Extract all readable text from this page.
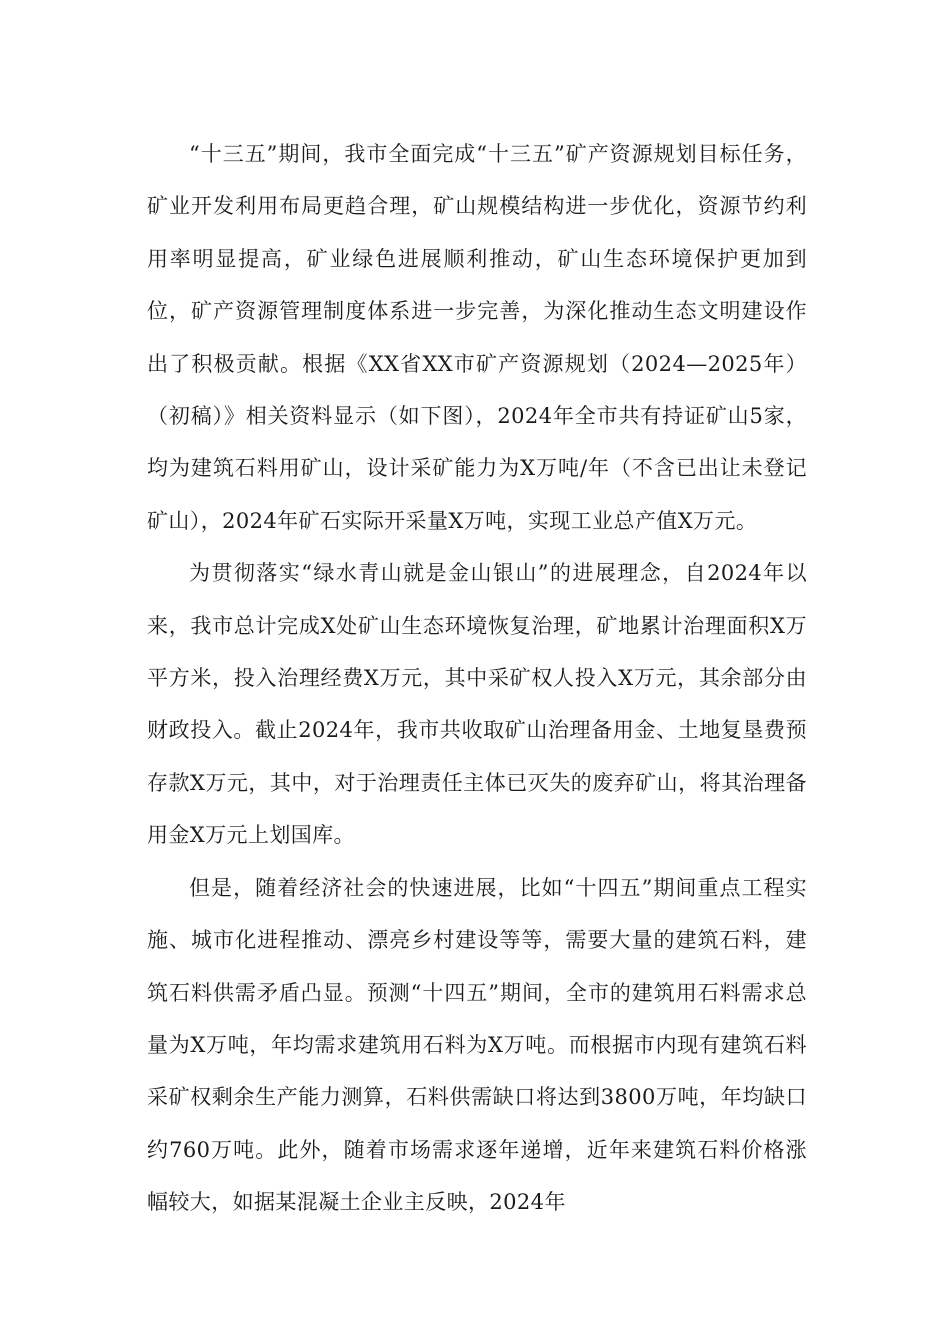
“十三五”期间，我市全面完成“十三五”矿产资源规划目标任务，矿业开发利用布局更趋合理，矿山规模结构进一步优化，资源节约利用率明显提高，矿业绿色进展顺利推动，矿山生态环境保护更加到位，矿产资源管理制度体系进一步完善，为深化推动生态文明建设作出了积极贡献。根据《XX省XX市矿产资源规划（2024—2025年）（初稿）》相关资料显示（如下图），2024年全市共有持证矿山5家，均为建筑石料用矿山，设计采矿能力为X万吨/年（不含已出让未登记矿山），2024年矿石实际开采量X万吨，实现工业总产值X万元。

为贯彻落实“绿水青山就是金山银山”的进展理念，自2024年以来，我市总计完成X处矿山生态环境恢复治理，矿地累计治理面积X万平方米，投入治理经费X万元，其中采矿权人投入X万元，其余部分由财政投入。截止2024年，我市共收取矿山治理备用金、土地复垦费预存款X万元，其中，对于治理责任主体已灭失的废弃矿山，将其治理备用金X万元上划国库。

但是，随着经济社会的快速进展，比如“十四五”期间重点工程实施、城市化进程推动、漂亮乡村建设等等，需要大量的建筑石料，建筑石料供需矛盾凸显。预测“十四五”期间，全市的建筑用石料需求总量为X万吨，年均需求建筑用石料为X万吨。而根据市内现有建筑石料采矿权剩余生产能力测算，石料供需缺口将达到3800万吨，年均缺口约760万吨。此外，随着市场需求逐年递增，近年来建筑石料价格涨幅较大，如据某混凝土企业主反映，2024年
